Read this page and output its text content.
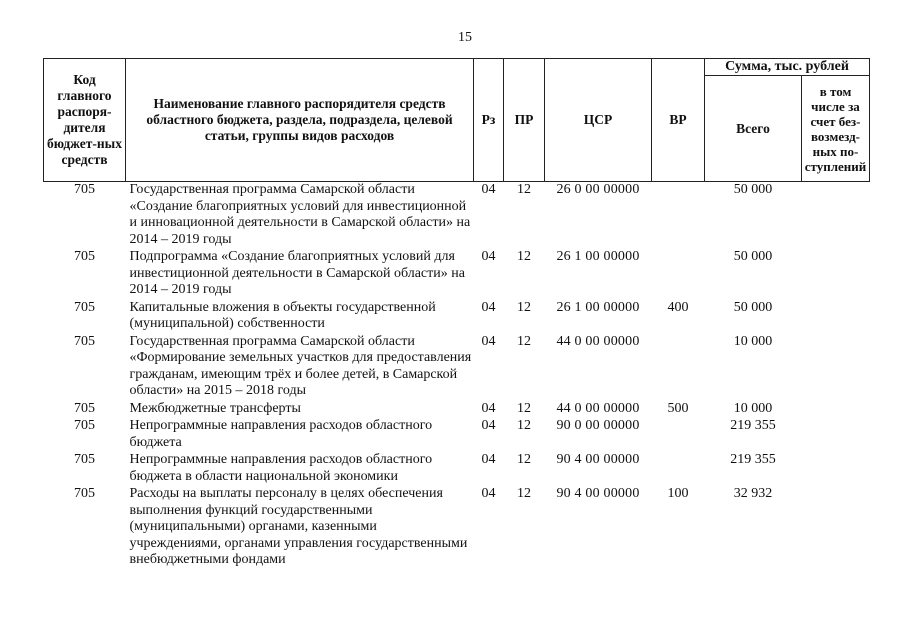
15
Код главного распоря-дителя бюджет-ных средств	Наименование главного распорядителя средств областного бюджета, раздела, подраздела, целевой статьи, группы видов расходов	Рз	ПР	ЦСР	ВР	Сумма, тыс. рублей	
						Всего	в том числе за счет без-возмезд-ных по-ступлений
705	Государственная программа Самарской области «Создание благоприятных условий для инвестиционной и инновационной деятельности в Самарской области» на 2014 – 2019 годы	04	12	26 0 00 00000		50 000	
705	Подпрограмма «Создание благоприятных условий для инвестиционной деятельности в Самарской области» на 2014 – 2019 годы	04	12	26 1 00 00000		50 000	
705	Капитальные вложения в объекты государственной (муниципальной) собственности	04	12	26 1 00 00000	400	50 000	
705	Государственная программа Самарской области «Формирование земельных участков для предоставления гражданам, имеющим трёх и более детей, в Самарской области» на 2015 – 2018 годы	04	12	44 0 00 00000		10 000	
705	Межбюджетные трансферты	04	12	44 0 00 00000	500	10 000	
705	Непрограммные направления расходов областного бюджета	04	12	90 0 00 00000		219 355	
705	Непрограммные направления расходов областного бюджета в области национальной экономики	04	12	90 4 00 00000		219 355	
705	Расходы на выплаты персоналу в целях обеспечения выполнения функций государственными (муниципальными) органами, казенными учреждениями, органами управления государственными внебюджетными фондами	04	12	90 4 00 00000	100	32 932	
